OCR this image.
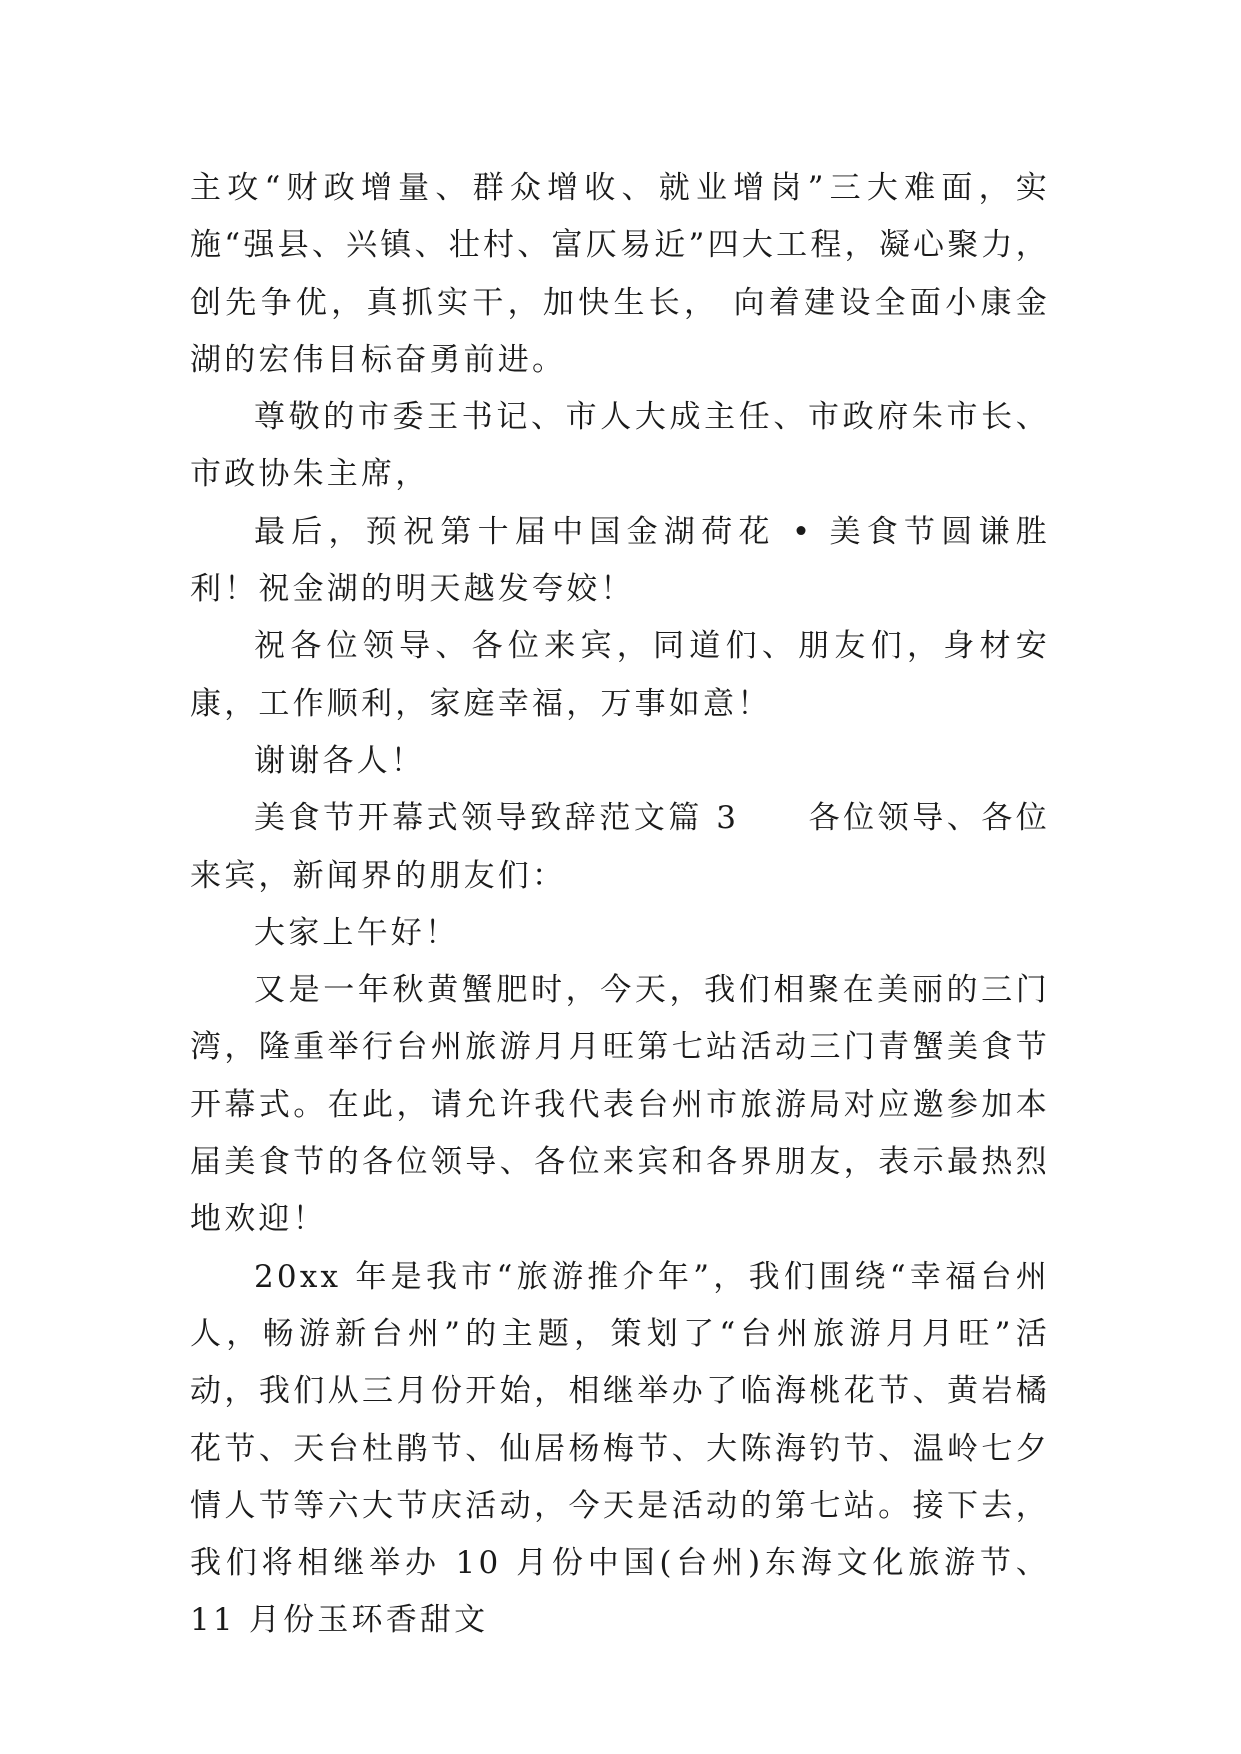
主攻“财政增量、群众增收、就业增岗”三大难面，实施“强县、兴镇、壮村、富仄易近”四大工程，凝心聚力，创先争优，真抓实干，加快生长， 向着建设全面小康金湖的宏伟目标奋勇前进。

尊敬的市委王书记、市人大成主任、市政府朱市长、市政协朱主席，

最后，预祝第十届中国金湖荷花 • 美食节圆谦胜利！祝金湖的明天越发夸姣！

祝各位领导、各位来宾，同道们、朋友们，身材安康，工作顺利，家庭幸福，万事如意！

谢谢各人！

美食节开幕式领导致辞范文篇 3　　各位领导、各位来宾，新闻界的朋友们：

大家上午好！

又是一年秋黄蟹肥时，今天，我们相聚在美丽的三门湾，隆重举行台州旅游月月旺第七站活动三门青蟹美食节开幕式。在此，请允许我代表台州市旅游局对应邀参加本届美食节的各位领导、各位来宾和各界朋友，表示最热烈地欢迎！

20xx 年是我市“旅游推介年”，我们围绕“幸福台州人，畅游新台州”的主题，策划了“台州旅游月月旺”活动，我们从三月份开始，相继举办了临海桃花节、黄岩橘花节、天台杜鹃节、仙居杨梅节、大陈海钓节、温岭七夕情人节等六大节庆活动，今天是活动的第七站。接下去，我们将相继举办 10 月份中国(台州)东海文化旅游节、11 月份玉环香甜文
